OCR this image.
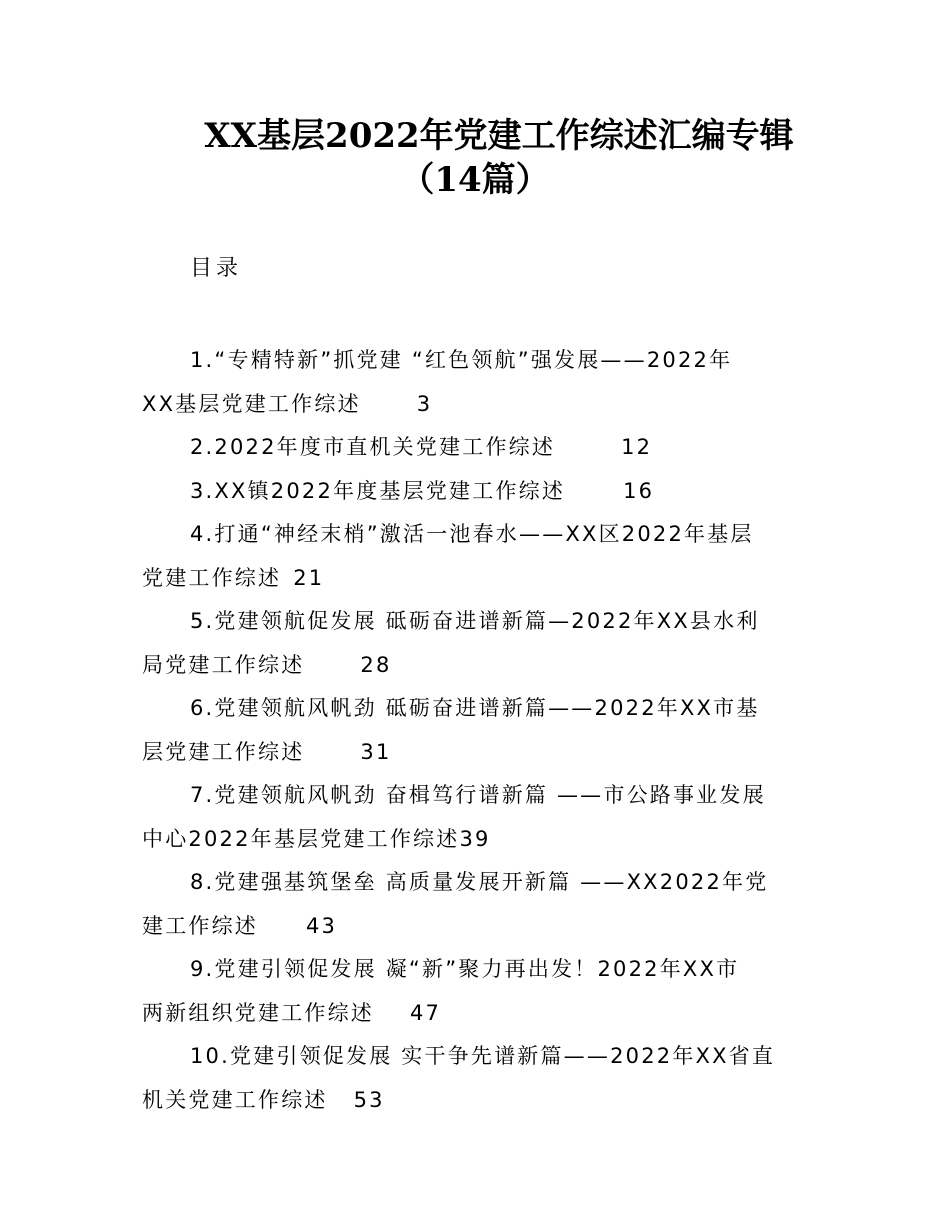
XX基层2022年党建工作综述汇编专辑
（14篇）

目录

1.“专精特新”抓党建 “红色领航”强发展——2022年
XX基层党建工作综述	3
2.2022年度市直机关党建工作综述	12
3.XX镇2022年度基层党建工作综述	16
4.打通“神经末梢”激活一池春水——XX区2022年基层
党建工作综述 21
5.党建领航促发展 砥砺奋进谱新篇—2022年XX县水利
局党建工作综述	28
6.党建领航风帆劲 砥砺奋进谱新篇——2022年XX市基
层党建工作综述	31
7.党建领航风帆劲 奋楫笃行谱新篇 ——市公路事业发展
中心2022年基层党建工作综述39
8.党建强基筑堡垒 高质量发展开新篇 ——XX2022年党
建工作综述 43
9.党建引领促发展 凝“新”聚力再出发！2022年XX市
两新组织党建工作综述 47
10.党建引领促发展 实干争先谱新篇——2022年XX省直
机关党建工作综述 53
